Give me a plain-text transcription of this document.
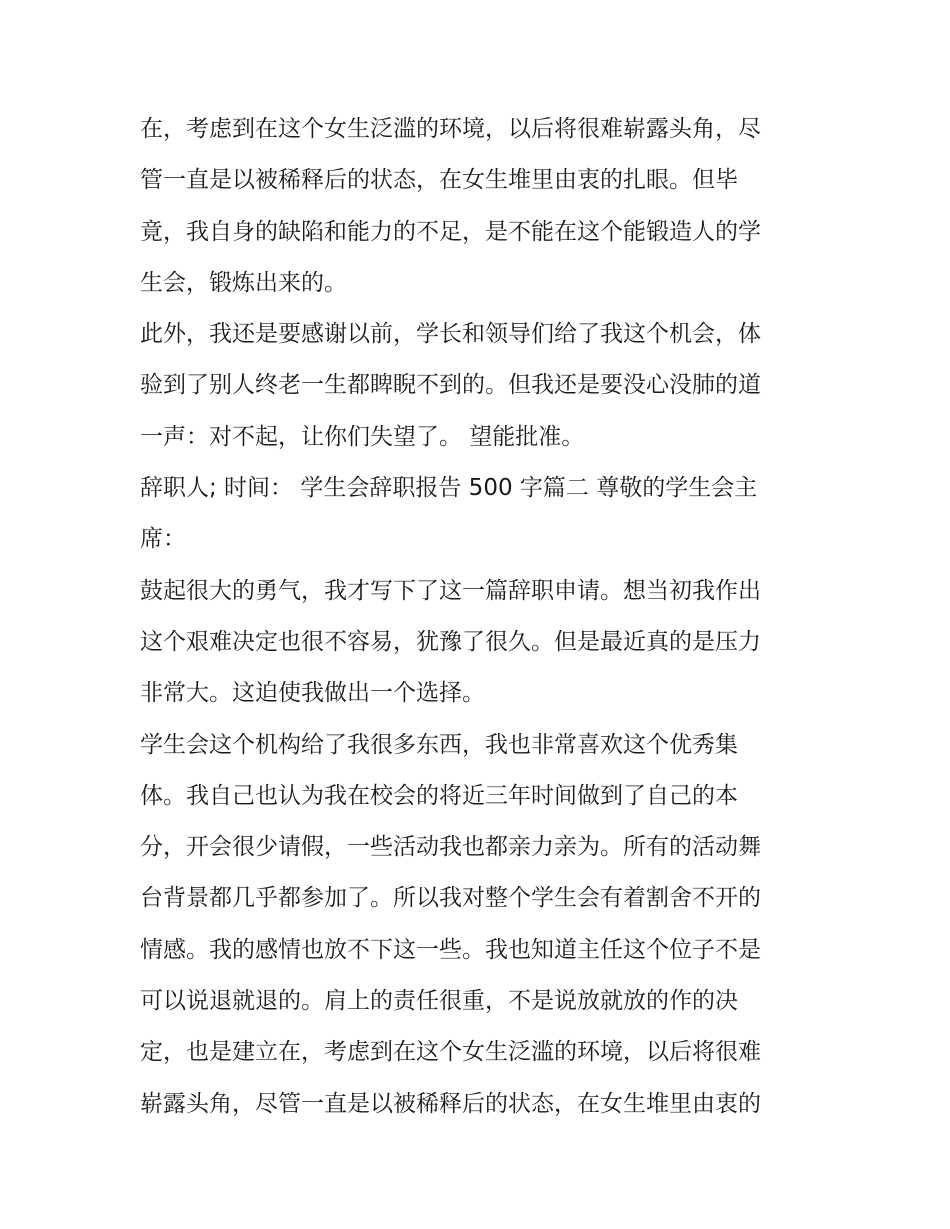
在，考虑到在这个女生泛滥的环境，以后将很难崭露头角，尽
管一直是以被稀释后的状态，在女生堆里由衷的扎眼。但毕
竟，我自身的缺陷和能力的不足，是不能在这个能锻造人的学
生会，锻炼出来的。
此外，我还是要感谢以前，学长和领导们给了我这个机会，体
验到了别人终老一生都睥睨不到的。但我还是要没心没肺的道
一声：对不起，让你们失望了。 望能批准。
辞职人; 时间： 学生会辞职报告 500 字篇二 尊敬的学生会主
席：
鼓起很大的勇气，我才写下了这一篇辞职申请。想当初我作出
这个艰难决定也很不容易，犹豫了很久。但是最近真的是压力
非常大。这迫使我做出一个选择。
学生会这个机构给了我很多东西，我也非常喜欢这个优秀集
体。我自己也认为我在校会的将近三年时间做到了自己的本
分，开会很少请假，一些活动我也都亲力亲为。所有的活动舞
台背景都几乎都参加了。所以我对整个学生会有着割舍不开的
情感。我的感情也放不下这一些。我也知道主任这个位子不是
可以说退就退的。肩上的责任很重，不是说放就放的作的决
定，也是建立在，考虑到在这个女生泛滥的环境，以后将很难
崭露头角，尽管一直是以被稀释后的状态，在女生堆里由衷的
